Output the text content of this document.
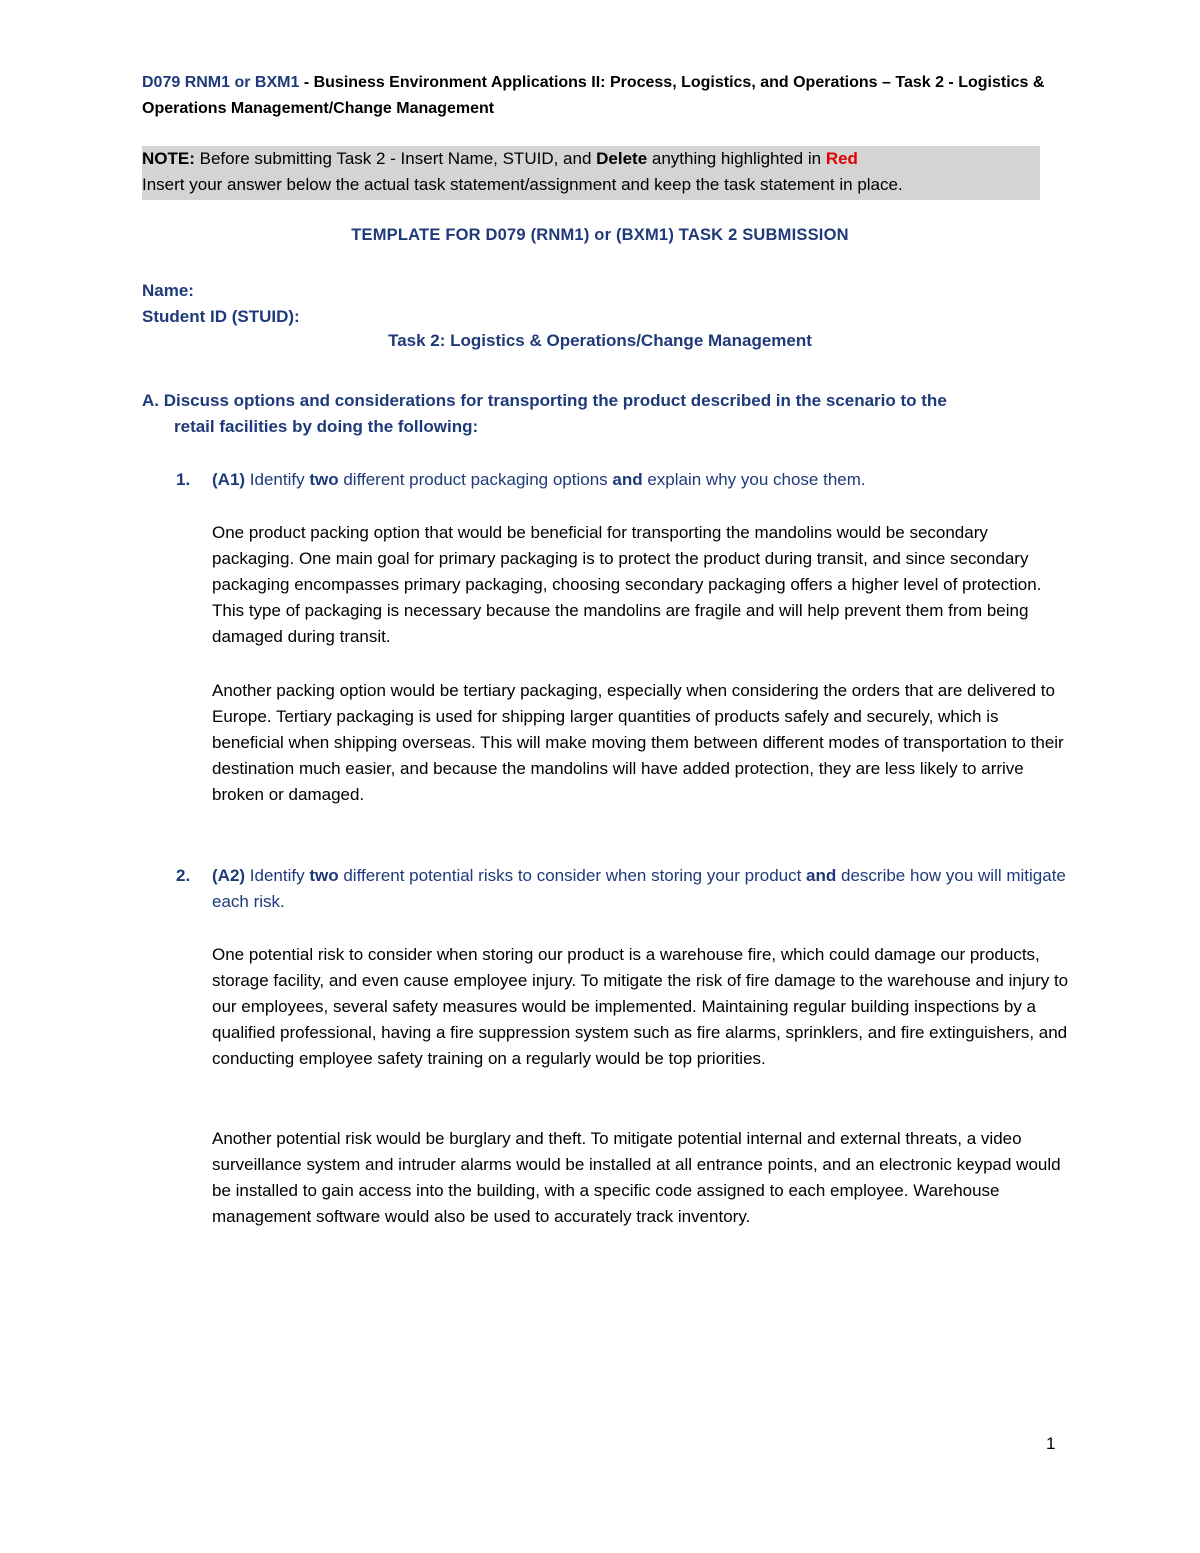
D079 RNM1 or BXM1 - Business Environment Applications II: Process, Logistics, and Operations – Task 2 - Logistics & Operations Management/Change Management
NOTE: Before submitting Task 2 - Insert Name, STUID, and Delete anything highlighted in Red
Insert your answer below the actual task statement/assignment and keep the task statement in place.
TEMPLATE FOR D079 (RNM1) or (BXM1) TASK 2 SUBMISSION
Name:
Student ID (STUID):
Task 2: Logistics & Operations/Change Management
A. Discuss options and considerations for transporting the product described in the scenario to the
retail facilities by doing the following:
1. (A1) Identify two different product packaging options and explain why you chose them.
One product packing option that would be beneficial for transporting the mandolins would be secondary packaging. One main goal for primary packaging is to protect the product during transit, and since secondary packaging encompasses primary packaging, choosing secondary packaging offers a higher level of protection. This type of packaging is necessary because the mandolins are fragile and will help prevent them from being damaged during transit.
Another packing option would be tertiary packaging, especially when considering the orders that are delivered to Europe. Tertiary packaging is used for shipping larger quantities of products safely and securely, which is beneficial when shipping overseas. This will make moving them between different modes of transportation to their destination much easier, and because the mandolins will have added protection, they are less likely to arrive broken or damaged.
2. (A2) Identify two different potential risks to consider when storing your product and describe how you will mitigate each risk.
One potential risk to consider when storing our product is a warehouse fire, which could damage our products, storage facility, and even cause employee injury. To mitigate the risk of fire damage to the warehouse and injury to our employees, several safety measures would be implemented. Maintaining regular building inspections by a qualified professional, having a fire suppression system such as fire alarms, sprinklers, and fire extinguishers, and conducting employee safety training on a regularly would be top priorities.
Another potential risk would be burglary and theft. To mitigate potential internal and external threats, a video surveillance system and intruder alarms would be installed at all entrance points, and an electronic keypad would be installed to gain access into the building, with a specific code assigned to each employee. Warehouse management software would also be used to accurately track inventory.
1
